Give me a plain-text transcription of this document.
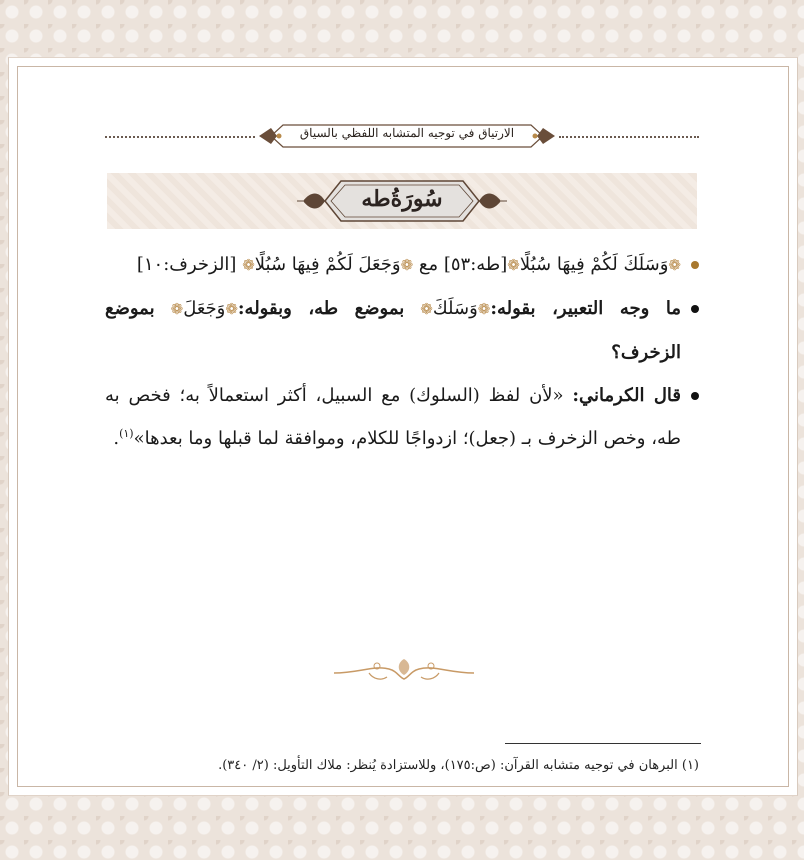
الارتياق في توجيه المتشابه اللفظي بالسياق
سُورَةُطه
❁وَسَلَكَ لَكُمْ فِيهَا سُبُلًا❁[طه:٥٣] مع ❁وَجَعَلَ لَكُمْ فِيهَا سُبُلًا❁ [الزخرف:١٠]
ما وجه التعبير، بقوله:❁وَسَلَكَ❁ بموضع طه، وبقوله:❁وَجَعَلَ❁ بموضع الزخرف؟
قال الكرماني: «لأن لفظ (السلوك) مع السبيل، أكثر استعمالاً به؛ فخص به طه، وخص الزخرف بـ (جعل)؛ ازدواجًا للكلام، وموافقة لما قبلها وما بعدها»$^{(١)}$.
(١) البرهان في توجيه متشابه القرآن: (ص:١٧٥)، وللاستزادة يُنظر: ملاك التأويل: (٢/ ٣٤٠).
